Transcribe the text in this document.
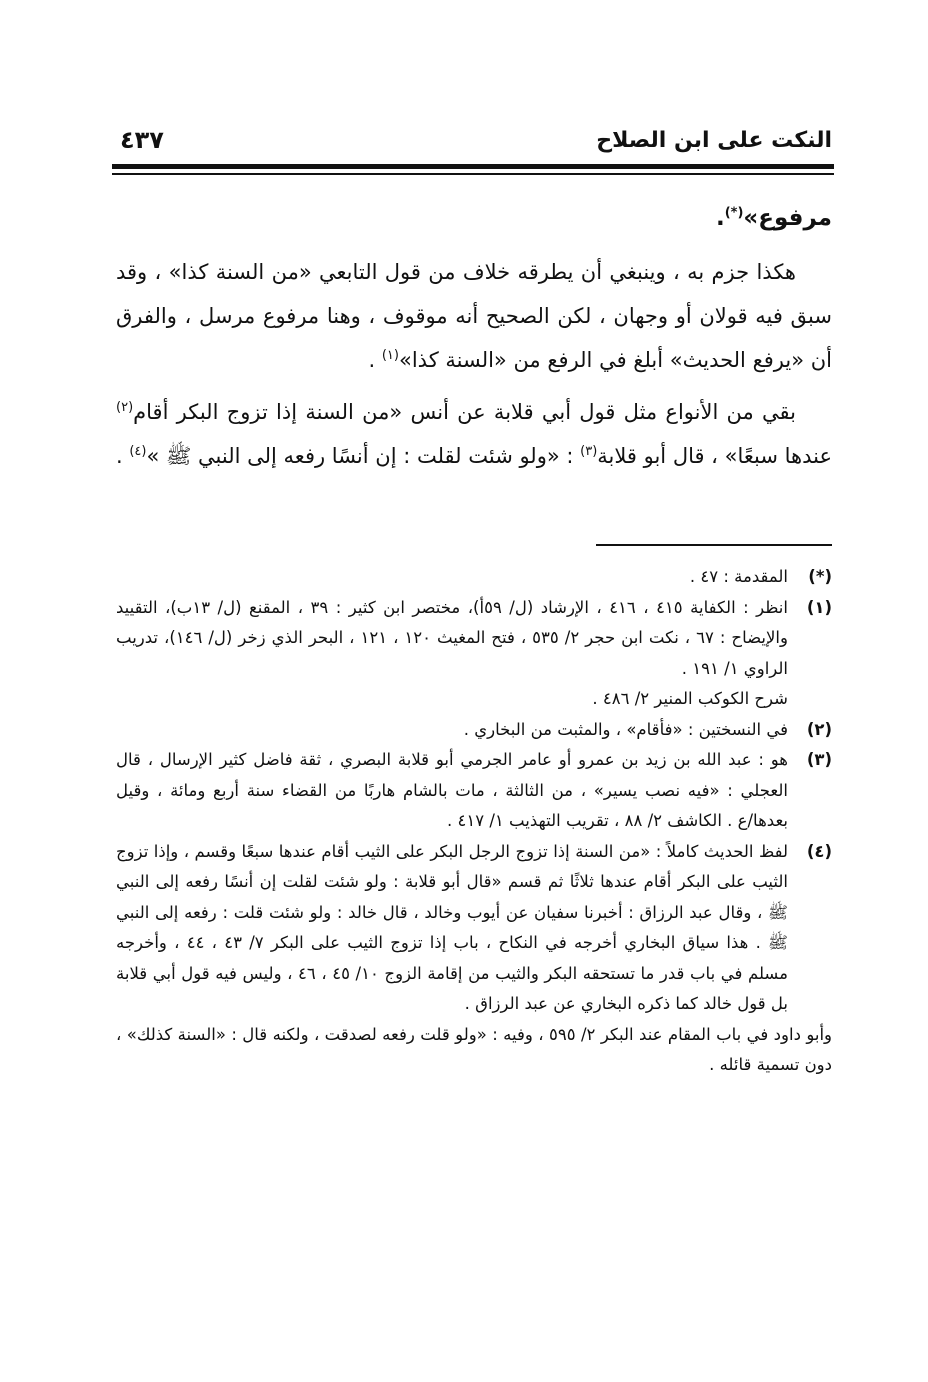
النكت على ابن الصلاح
٤٣٧

مرفوع»(*).

هكذا جزم به ، وينبغي أن يطرقه خلاف من قول التابعي «من السنة كذا» ، وقد سبق فيه قولان أو وجهان ، لكن الصحيح أنه موقوف ، وهنا مرفوع مرسل ، والفرق أن «يرفع الحديث» أبلغ في الرفع من «السنة كذا»$^{(١)}$ .

بقي من الأنواع مثل قول أبي قلابة عن أنس «من السنة إذا تزوج البكر أقام$^{(٢)}$ عندها سبعًا» ، قال أبو قلابة$^{(٣)}$ : «ولو شئت لقلت : إن أنسًا رفعه إلى النبي ﷺ »$^{(٤)}$ .

(*)
المقدمة : ٤٧ .
(١)
انظر : الكفاية ٤١٥ ، ٤١٦ ، الإرشاد (ل/ ٥٩أ)، مختصر ابن كثير : ٣٩ ، المقنع (ل/ ١٣ب)، التقييد والإيضاح : ٦٧ ، نكت ابن حجر ٢/ ٥٣٥ ، فتح المغيث ١٢٠ ، ١٢١ ، البحر الذي زخر (ل/ ١٤٦)، تدريب الراوي ١/ ١٩١ .
شرح الكوكب المنير ٢/ ٤٨٦ .
(٢)
في النسختين : «فأقام» ، والمثبت من البخاري .
(٣)
هو : عبد الله بن زيد بن عمرو أو عامر الجرمي أبو قلابة البصري ، ثقة فاضل كثير الإرسال ، قال العجلي : «فيه نصب يسير» ، من الثالثة ، مات بالشام هاربًا من القضاء سنة أربع ومائة ، وقيل بعدها/ع . الكاشف ٢/ ٨٨ ، تقريب التهذيب ١/ ٤١٧ .
(٤)
لفظ الحديث كاملاً : «من السنة إذا تزوج الرجل البكر على الثيب أقام عندها سبعًا وقسم ، وإذا تزوج الثيب على البكر أقام عندها ثلاثًا ثم قسم «قال أبو قلابة : ولو شئت لقلت إن أنسًا رفعه إلى النبي ﷺ ، وقال عبد الرزاق : أخبرنا سفيان عن أيوب وخالد ، قال خالد : ولو شئت قلت : رفعه إلى النبي ﷺ . هذا سياق البخاري أخرجه في النكاح ، باب إذا تزوج الثيب على البكر ٧/ ٤٣ ، ٤٤ ، وأخرجه مسلم في باب قدر ما تستحقه البكر والثيب من إقامة الزوج ١٠/ ٤٥ ، ٤٦ ، وليس فيه قول أبي قلابة بل قول خالد كما ذكره البخاري عن عبد الرزاق .
وأبو داود في باب المقام عند البكر ٢/ ٥٩٥ ، وفيه : «ولو قلت رفعه لصدقت ، ولكنه قال : «السنة كذلك» ، دون تسمية قائله .
